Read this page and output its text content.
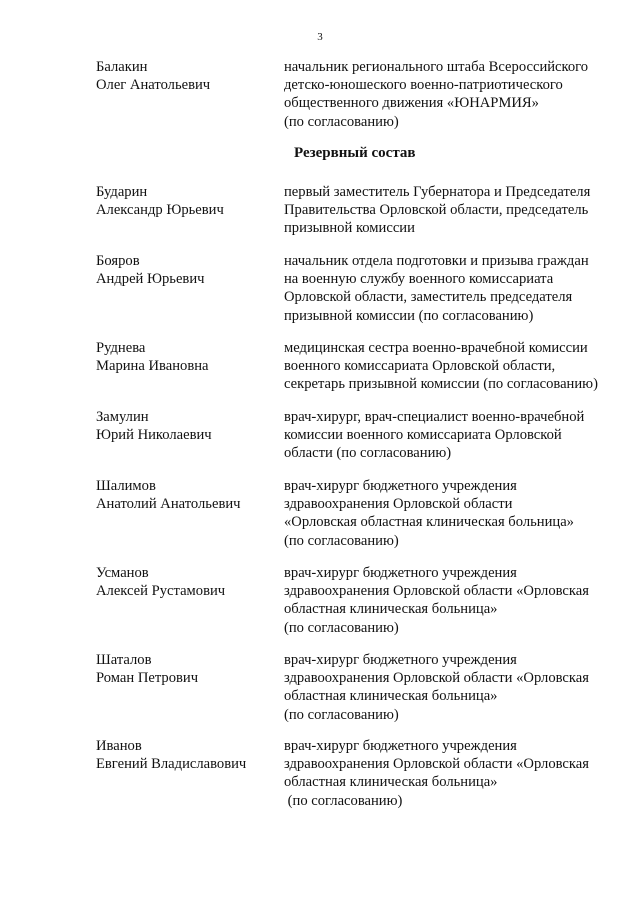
3
Балакин
Олег Анатольевич
начальник регионального штаба Всероссийского
детско-юношеского военно-патриотического
общественного движения «ЮНАРМИЯ»
(по согласованию)
Резервный состав
Бударин
Александр Юрьевич
первый заместитель Губернатора и Председателя
Правительства Орловской области, председатель
призывной комиссии
Бояров
Андрей Юрьевич
начальник отдела подготовки и призыва граждан
на военную службу военного комиссариата
Орловской области, заместитель председателя
призывной комиссии (по согласованию)
Руднева
Марина Ивановна
медицинская сестра военно-врачебной комиссии
военного комиссариата Орловской области,
секретарь призывной комиссии (по согласованию)
Замулин
Юрий Николаевич
врач-хирург, врач-специалист военно-врачебной
комиссии военного комиссариата Орловской
области (по согласованию)
Шалимов
Анатолий Анатольевич
врач-хирург бюджетного учреждения
здравоохранения Орловской области
«Орловская областная клиническая больница»
(по согласованию)
Усманов
Алексей Рустамович
врач-хирург бюджетного учреждения
здравоохранения Орловской области «Орловская
областная клиническая больница»
(по согласованию)
Шаталов
Роман Петрович
врач-хирург бюджетного учреждения
здравоохранения Орловской области «Орловская
областная клиническая больница»
(по согласованию)
Иванов
Евгений Владиславович
врач-хирург бюджетного учреждения
здравоохранения Орловской области «Орловская
областная клиническая больница»
(по согласованию)
